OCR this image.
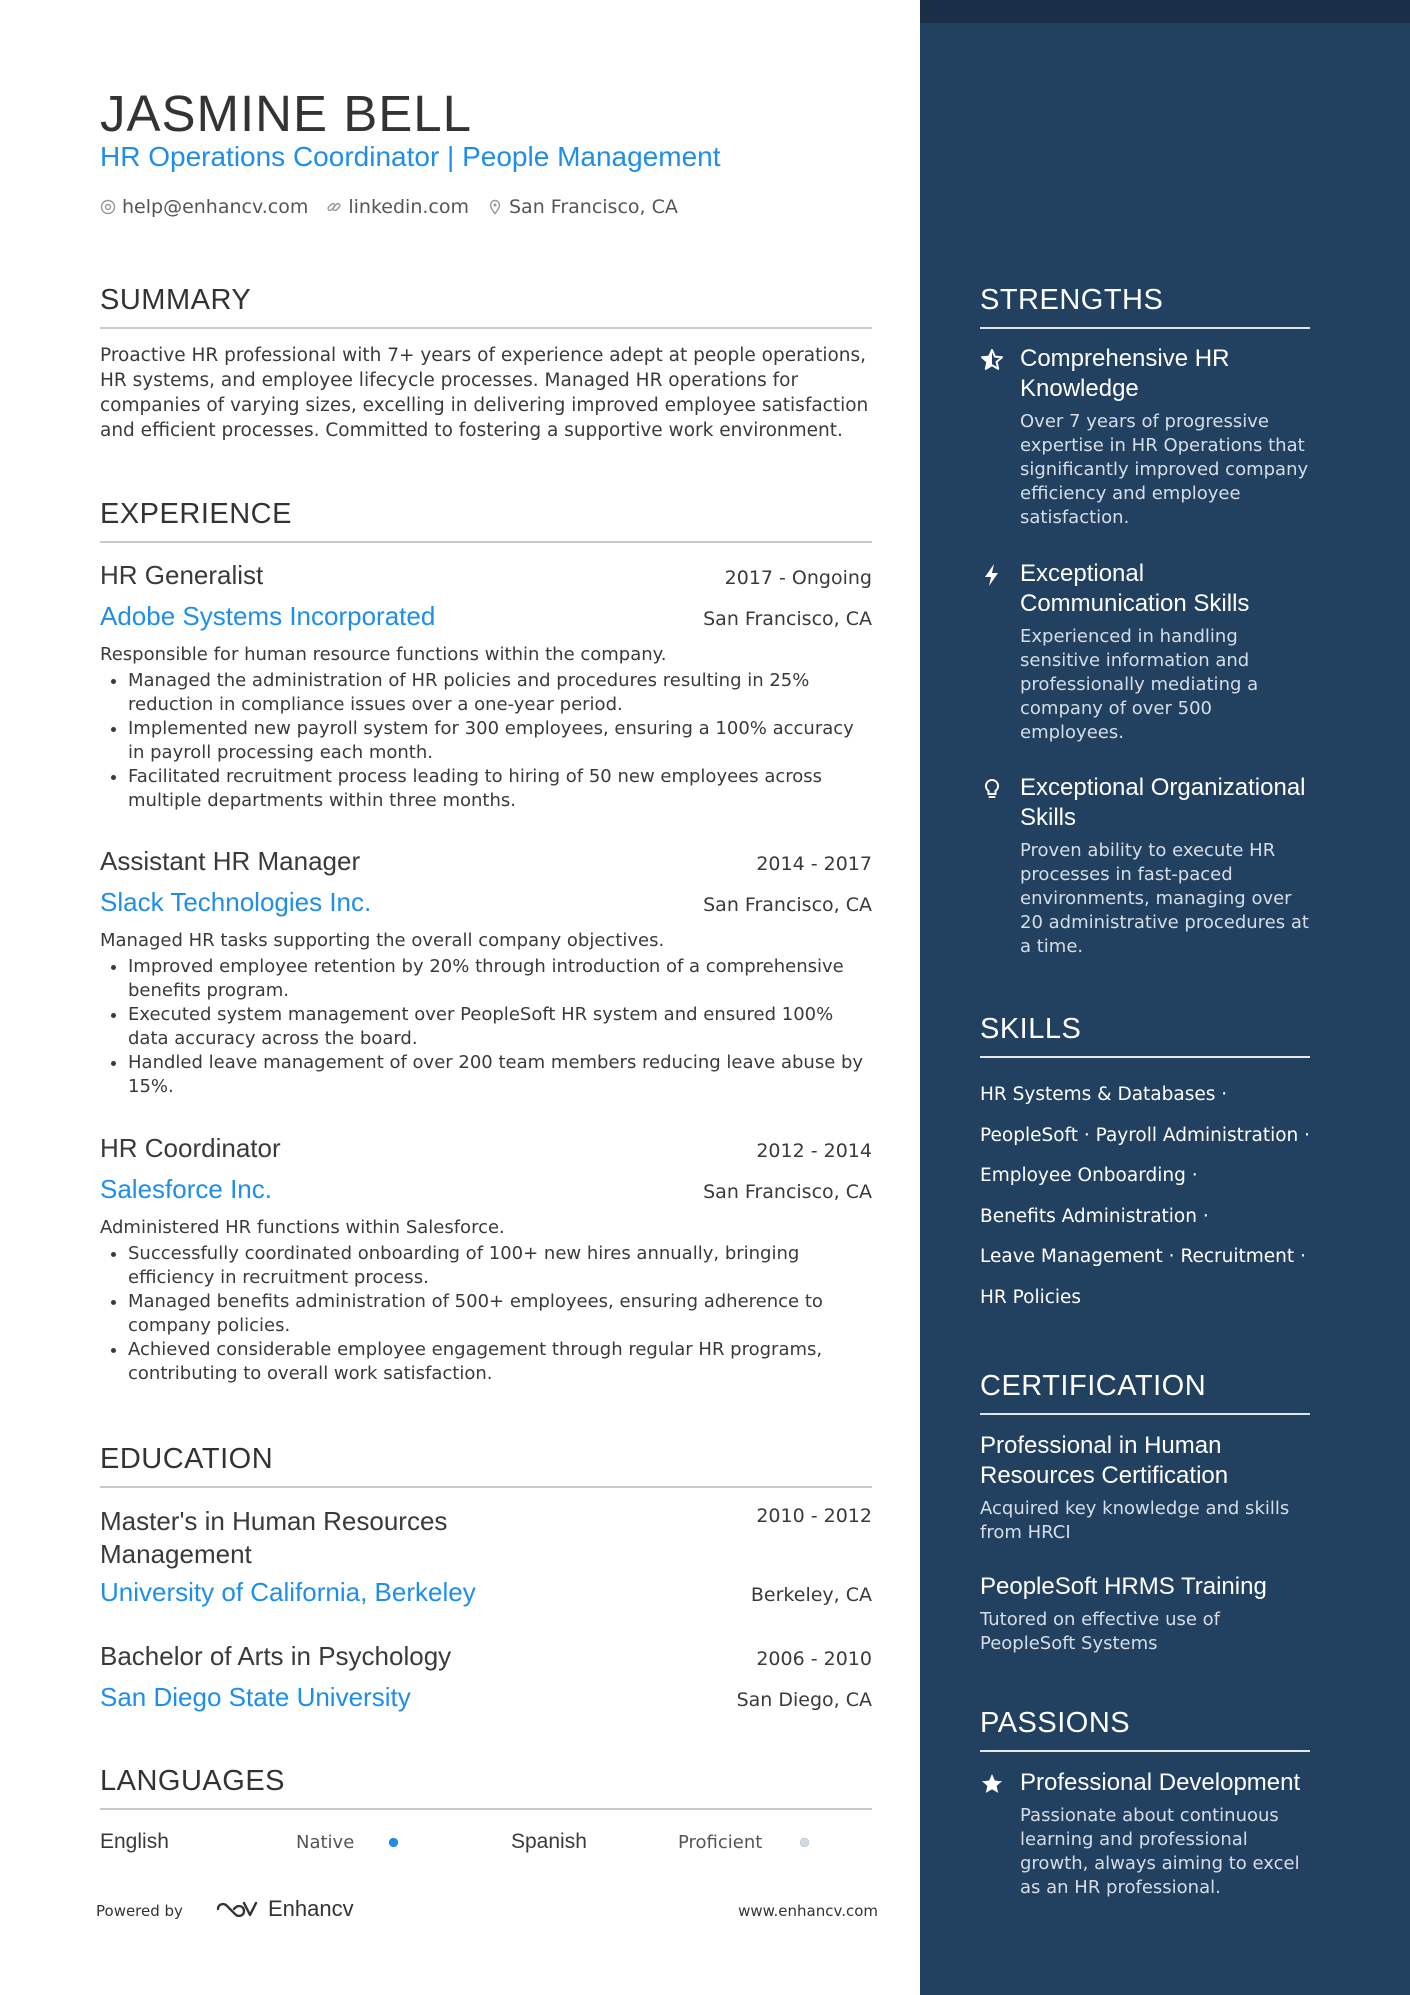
JASMINE BELL
HR Operations Coordinator | People Management
help@enhancv.com linkedin.com San Francisco, CA
SUMMARY
Proactive HR professional with 7+ years of experience adept at people operations, HR systems, and employee lifecycle processes. Managed HR operations for companies of varying sizes, excelling in delivering improved employee satisfaction and efficient processes. Committed to fostering a supportive work environment.
EXPERIENCE
HR Generalist	2017 - Ongoing
Adobe Systems Incorporated	San Francisco, CA
Responsible for human resource functions within the company.
• Managed the administration of HR policies and procedures resulting in 25% reduction in compliance issues over a one-year period.
• Implemented new payroll system for 300 employees, ensuring a 100% accuracy in payroll processing each month.
• Facilitated recruitment process leading to hiring of 50 new employees across multiple departments within three months.
Assistant HR Manager	2014 - 2017
Slack Technologies Inc.	San Francisco, CA
Managed HR tasks supporting the overall company objectives.
• Improved employee retention by 20% through introduction of a comprehensive benefits program.
• Executed system management over PeopleSoft HR system and ensured 100% data accuracy across the board.
• Handled leave management of over 200 team members reducing leave abuse by 15%.
HR Coordinator	2012 - 2014
Salesforce Inc.	San Francisco, CA
Administered HR functions within Salesforce.
• Successfully coordinated onboarding of 100+ new hires annually, bringing efficiency in recruitment process.
• Managed benefits administration of 500+ employees, ensuring adherence to company policies.
• Achieved considerable employee engagement through regular HR programs, contributing to overall work satisfaction.
EDUCATION
Master's in Human Resources Management
2010 - 2012
University of California, Berkeley	Berkeley, CA
Bachelor of Arts in Psychology	2006 - 2010
San Diego State University	San Diego, CA
LANGUAGES
English	Native	Spanish	Proficient
Powered by	Enhancv	www.enhancv.com
STRENGTHS
Comprehensive HR Knowledge
Over 7 years of progressive expertise in HR Operations that significantly improved company efficiency and employee satisfaction.
Exceptional Communication Skills
Experienced in handling sensitive information and professionally mediating a company of over 500 employees.
Exceptional Organizational Skills
Proven ability to execute HR processes in fast-paced environments, managing over 20 administrative procedures at a time.
SKILLS
HR Systems & Databases ·
PeopleSoft · Payroll Administration ·
Employee Onboarding ·
Benefits Administration ·
Leave Management · Recruitment ·
HR Policies
CERTIFICATION
Professional in Human Resources Certification
Acquired key knowledge and skills from HRCI
PeopleSoft HRMS Training
Tutored on effective use of PeopleSoft Systems
PASSIONS
Professional Development
Passionate about continuous learning and professional growth, always aiming to excel as an HR professional.
